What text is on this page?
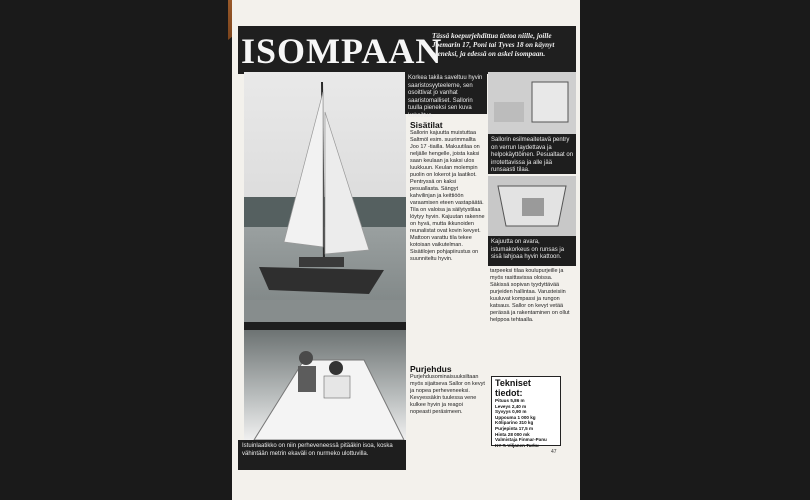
ISOMPAAN
Tässä koepurjehdittua tietoa niille, joille Joemarin 17, Poni tai Tyves 18 on käynyt pieneksi, ja edessä on askel isompaan.
Istuinlaatikko on niin perheveneessä pitääkin isoa, koska vähintään metrin ekaväli on nurmeko ulottuvilla.
Korkea takila saveltuu hyvin saaristosyyteelerne, sen osoittivat jo vanhat saaristomalliset. Sallorin tuulla pieneksi sen kuva kokeiltua.
Sisätilat
Sallorin kajuutta muistuttaa Saltmöl esim. suurimmallta Joo 17 -tiailla. Makuutilaa on neljälle hengelle, joista kaksi saan keulaan ja kaksi ulos luukkuun. Keulan molempin puolin on lokerot ja laatikot. Pentryssä on kaksi pesuallasta. Sängyt kahvilinjan ja keittiöön varaamisen eteen vastapäätä. Tila on valoisa ja säilytystilaa löytyy hyvin. Kajuutan rakenne on hyvä, mutta ikkunoiden reunalistat ovat kovin kevyet. Mattoon varattu tila tekee kotoisan vaikutelman. Sisätilojen pohjapiirustus on suunniteltu hyvin.
Purjehdus
Purjehdusominaisuuksiltaan myös sijaitseva Sallor on kevyt ja nopea perheveneeksi. Kevyessäkin tuulessa vene kulkee hyvin ja reagoi nopeasti peräsimeen.
Sallorin esilmeaitetavä pentry on verrun laydettava ja helpokäyttöinen. Pesualtaat on irrotettavissa ja alle jää runsaasti tilaa.
Kajuutta on avara, istumakorkeus on runsas ja sisä lahjoaa hyvin kattoon.
tarpeeksi tilaa koulupurjeille ja myös rasittavissa oloissa. Säkissä sopivan tyydyttävää purjeiden hallintaa. Varusteisiin kuuluvat kompassi ja rungon katsaus. Sallor on kevyt vetää perässä ja rakentaminen on ollut helppoa tehtaalla.
Tekniset tiedot:
Pituus 5,86 m
Leveys 2,40 m
Syvyys 0,90 m
Uppouma 1 000 kg
Köliparino 310 kg
Purjepinta 17,5 m
Hinta 28 000 mk
Valmistaja Finmar-Panu
KY T. Viljanen Turku
47
